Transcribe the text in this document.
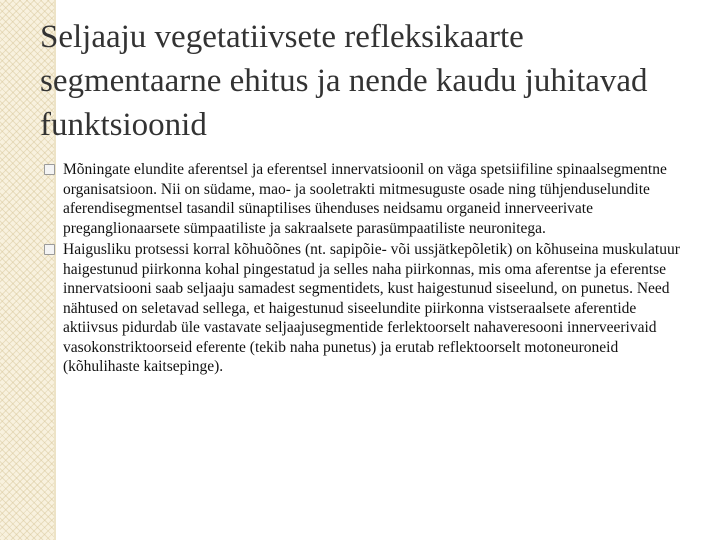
Seljaaju vegetatiivsete refleksikaarte segmentaarne ehitus ja nende kaudu juhitavad funktsioonid
Mõningate elundite aferentsel ja eferentsel innervatsioonil on väga spetsiifiline spinaalsegmentne organisatsioon. Nii on südame, mao- ja sooletrakti mitmesuguste osade ning tühjenduselundite aferendisegmentsel tasandil sünaptilises ühenduses neidsamu organeid innerveerivate preganglionaarsete sümpaatiliste ja sakraalsete parasümpaatiliste neuronitega.
Haigusliku protsessi korral kõhuõõnes (nt. sapipõie- või ussjätkepõletik) on kõhuseina muskulatuur haigestunud piirkonna kohal pingestatud ja selles naha piirkonnas, mis oma aferentse ja eferentse innervatsiooni saab seljaaju samadest segmentidets, kust haigestunud siseelund, on punetus. Need nähtused on seletavad sellega, et haigestunud siseelundite piirkonna vistseraalsete aferentide aktiivsus pidurdab üle vastavate seljaajusegmentide ferlektoorselt nahaveresooni innerveerivaid vasokonstriktoorseid eferente (tekib naha punetus) ja erutab reflektoorselt motoneuroneid (kõhulihaste kaitsepinge).
